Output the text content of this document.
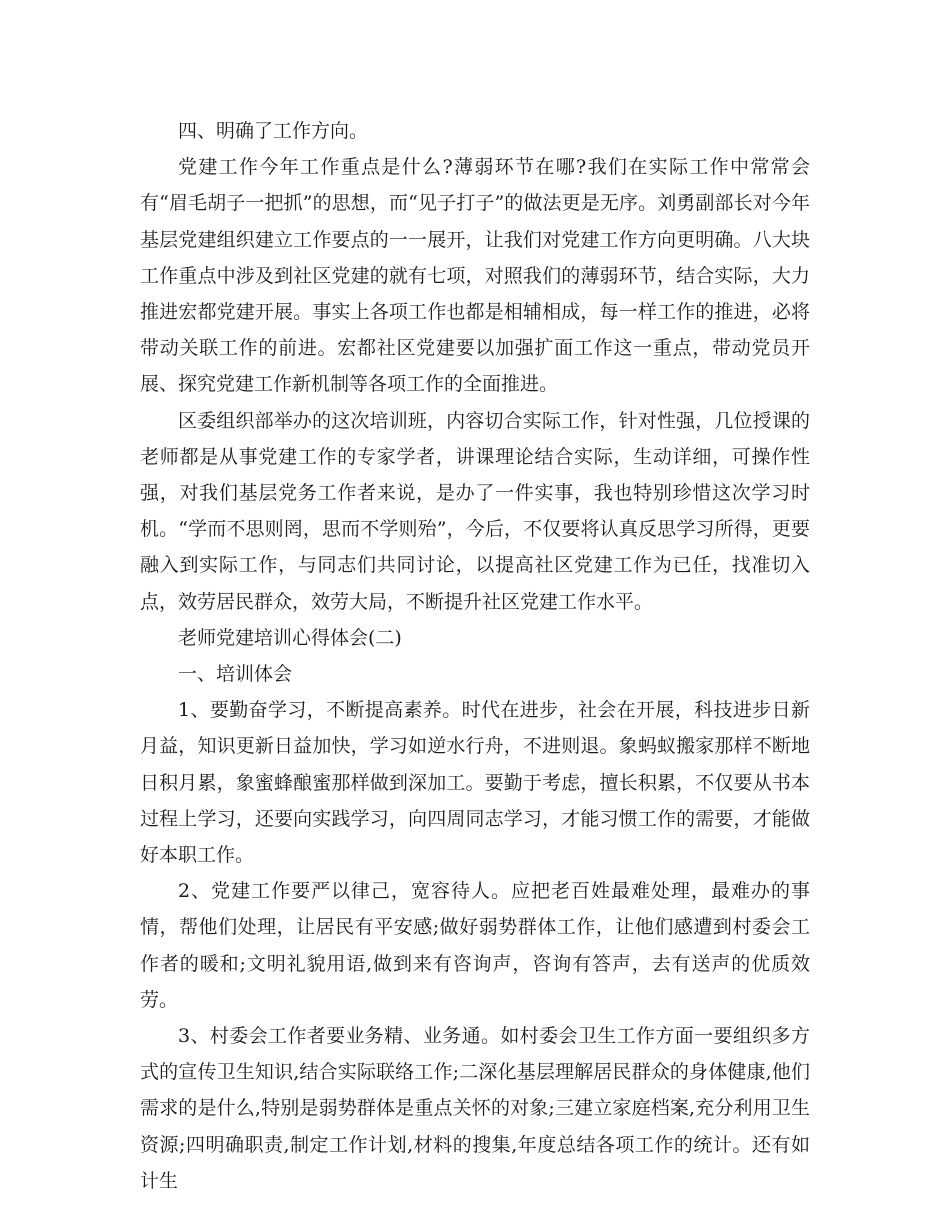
四、明确了工作方向。

党建工作今年工作重点是什么?薄弱环节在哪?我们在实际工作中常常会有“眉毛胡子一把抓”的思想，而“见子打子”的做法更是无序。刘勇副部长对今年基层党建组织建立工作要点的一一展开，让我们对党建工作方向更明确。八大块工作重点中涉及到社区党建的就有七项，对照我们的薄弱环节，结合实际，大力推进宏都党建开展。事实上各项工作也都是相辅相成，每一样工作的推进，必将带动关联工作的前进。宏都社区党建要以加强扩面工作这一重点，带动党员开展、探究党建工作新机制等各项工作的全面推进。

区委组织部举办的这次培训班，内容切合实际工作，针对性强，几位授课的老师都是从事党建工作的专家学者，讲课理论结合实际，生动详细，可操作性强，对我们基层党务工作者来说，是办了一件实事，我也特别珍惜这次学习时机。“学而不思则罔，思而不学则殆”，今后，不仅要将认真反思学习所得，更要融入到实际工作，与同志们共同讨论，以提高社区党建工作为已任，找准切入点，效劳居民群众，效劳大局，不断提升社区党建工作水平。

老师党建培训心得体会(二)

一、培训体会

1、要勤奋学习，不断提高素养。时代在进步，社会在开展，科技进步日新月益，知识更新日益加快，学习如逆水行舟，不进则退。象蚂蚁搬家那样不断地日积月累，象蜜蜂酿蜜那样做到深加工。要勤于考虑，擅长积累，不仅要从书本过程上学习，还要向实践学习，向四周同志学习，才能习惯工作的需要，才能做好本职工作。

2、党建工作要严以律己，宽容待人。应把老百姓最难处理，最难办的事情，帮他们处理，让居民有平安感;做好弱势群体工作，让他们感遭到村委会工作者的暖和;文明礼貌用语,做到来有咨询声，咨询有答声，去有送声的优质效劳。

3、村委会工作者要业务精、业务通。如村委会卫生工作方面一要组织多方式的宣传卫生知识,结合实际联络工作;二深化基层理解居民群众的身体健康,他们需求的是什么,特别是弱势群体是重点关怀的对象;三建立家庭档案,充分利用卫生资源;四明确职责,制定工作计划,材料的搜集,年度总结各项工作的统计。还有如计生
